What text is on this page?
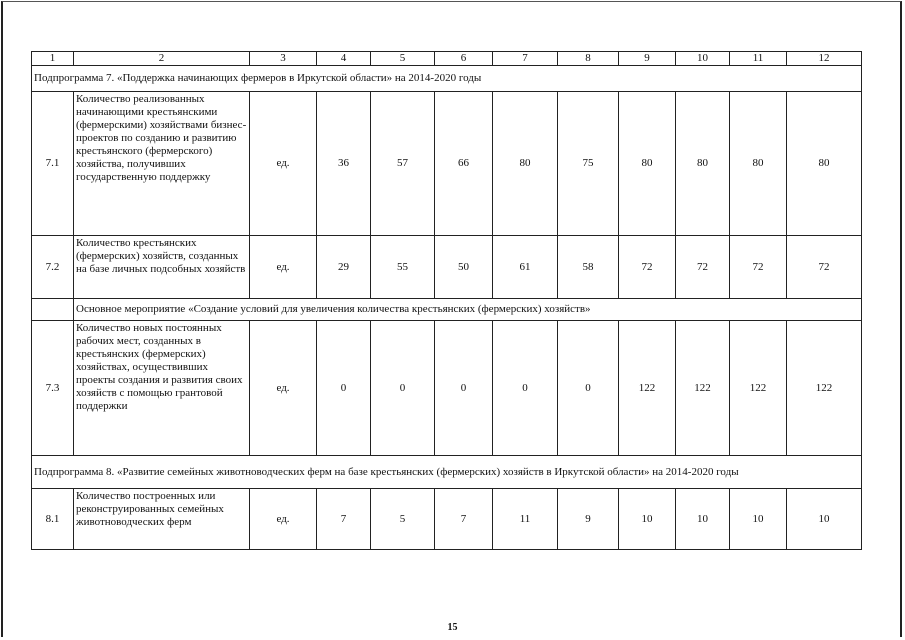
1	2	3	4	5	6	7	8	9	10	11	12
Подпрограмма 7. «Поддержка начинающих фермеров в Иркутской области» на 2014-2020 годы											
7.1	Количество реализованных начинающими крестьянскими (фермерскими) хозяйствами бизнес-проектов по созданию и развитию крестьянского (фермерского) хозяйства, получивших государственную поддержку	ед.	36	57	66	80	75	80	80	80	80
7.2	Количество крестьянских (фермерских) хозяйств, созданных на базе личных подсобных хозяйств	ед.	29	55	50	61	58	72	72	72	72
	Основное мероприятие «Создание условий для увеличения количества крестьянских (фермерских) хозяйств»										
7.3	Количество новых постоянных рабочих мест, созданных в крестьянских (фермерских) хозяйствах, осуществивших проекты создания и развития своих хозяйств с помощью грантовой поддержки	ед.	0	0	0	0	0	122	122	122	122
Подпрограмма 8. «Развитие семейных животноводческих ферм на базе крестьянских (фермерских) хозяйств в Иркутской области» на 2014-2020 годы											
8.1	Количество построенных или реконструированных семейных животноводческих ферм	ед.	7	5	7	11	9	10	10	10	10
15
